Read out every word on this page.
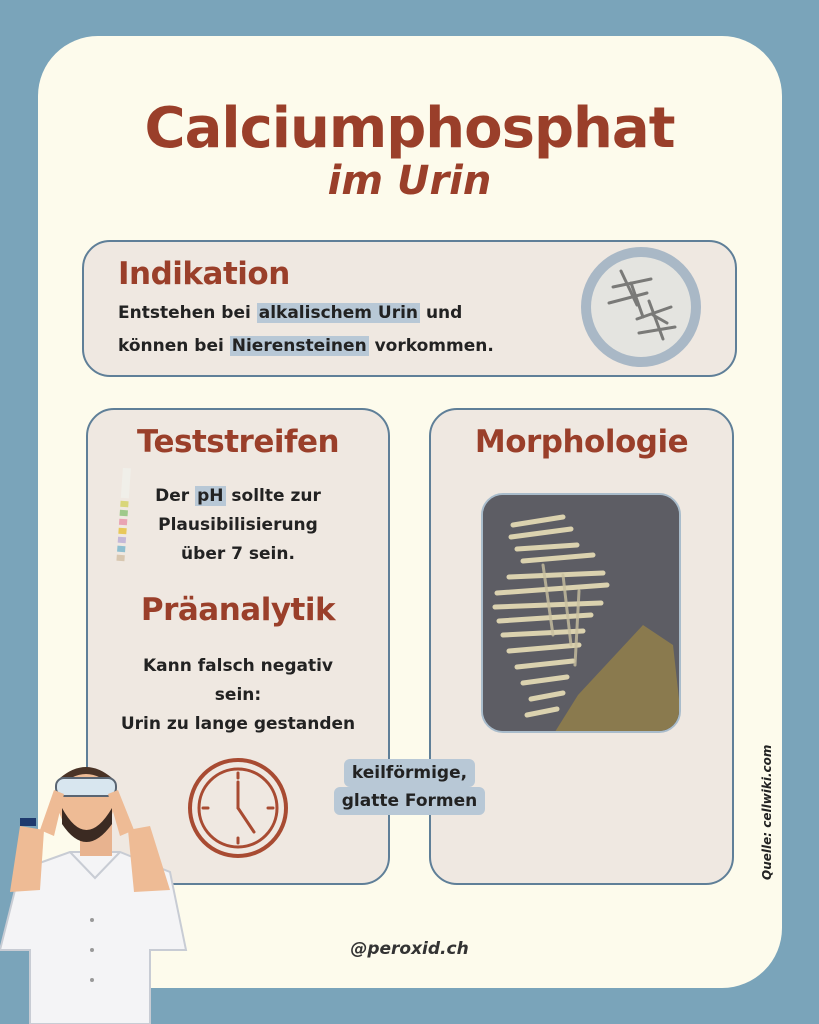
Calciumphosphat
im Urin
Indikation
Entstehen bei alkalischem Urin und
können bei Nierensteinen vorkommen.
Teststreifen
Der pH sollte zur
Plausibilisierung
über 7 sein.
Präanalytik
Kann falsch negativ
sein:
Urin zu lange gestanden
Morphologie
keilförmige,
glatte Formen	Quelle: cellwiki.com
@peroxid.ch
